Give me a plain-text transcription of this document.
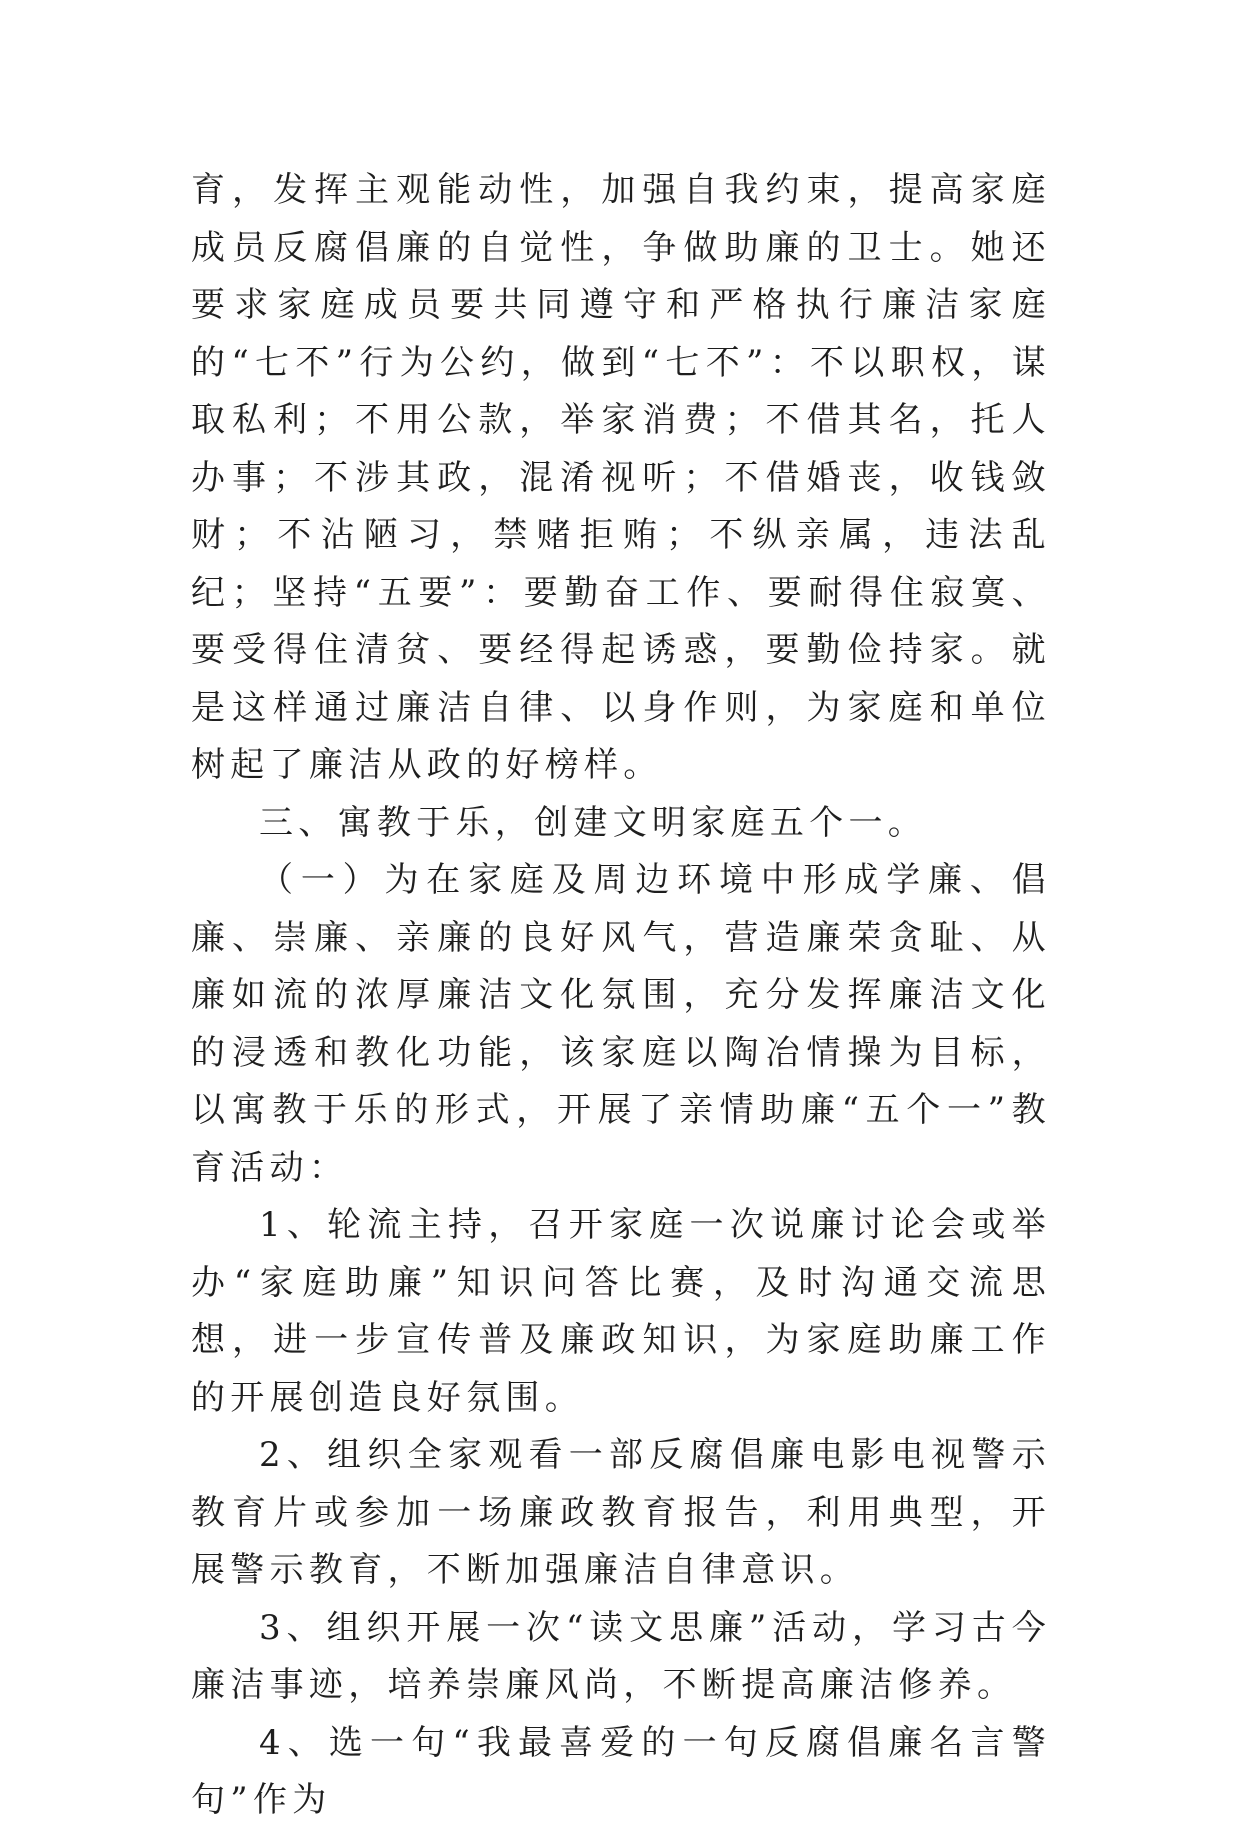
育，发挥主观能动性，加强自我约束，提高家庭成员反腐倡廉的自觉性，争做助廉的卫士。她还要求家庭成员要共同遵守和严格执行廉洁家庭的“七不”行为公约，做到“七不”：不以职权，谋取私利；不用公款，举家消费；不借其名，托人办事；不涉其政，混淆视听；不借婚丧，收钱敛财；不沾陋习，禁赌拒贿；不纵亲属，违法乱纪；坚持“五要”：要勤奋工作、要耐得住寂寞、要受得住清贫、要经得起诱惑，要勤俭持家。就是这样通过廉洁自律、以身作则，为家庭和单位树起了廉洁从政的好榜样。

三、寓教于乐，创建文明家庭五个一。

（一）为在家庭及周边环境中形成学廉、倡廉、崇廉、亲廉的良好风气，营造廉荣贪耻、从廉如流的浓厚廉洁文化氛围，充分发挥廉洁文化的浸透和教化功能，该家庭以陶冶情操为目标，以寓教于乐的形式，开展了亲情助廉“五个一”教育活动：

1、轮流主持，召开家庭一次说廉讨论会或举办“家庭助廉”知识问答比赛，及时沟通交流思想，进一步宣传普及廉政知识，为家庭助廉工作的开展创造良好氛围。

2、组织全家观看一部反腐倡廉电影电视警示教育片或参加一场廉政教育报告，利用典型，开展警示教育，不断加强廉洁自律意识。

3、组织开展一次“读文思廉”活动，学习古今廉洁事迹，培养崇廉风尚，不断提高廉洁修养。

4、选一句“我最喜爱的一句反腐倡廉名言警句”作为
